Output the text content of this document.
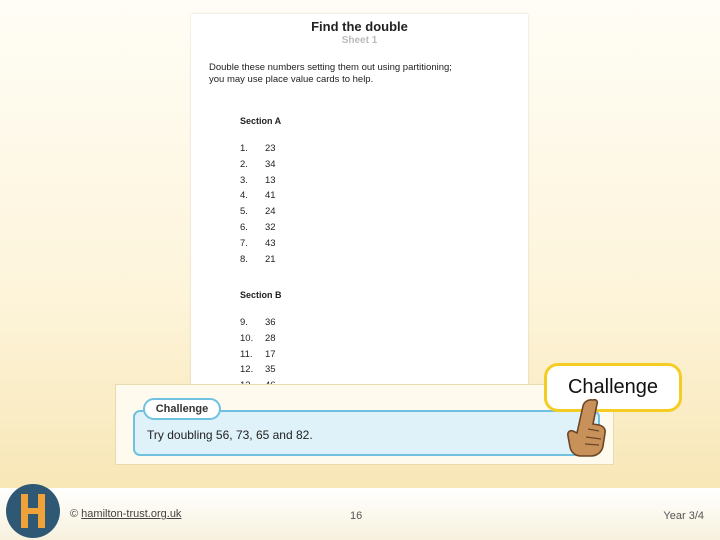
Find the double
Sheet 1
Double these numbers setting them out using partitioning;
you may use place value cards to help.
Section A
1.	23
2.	34
3.	13
4.	41
5.	24
6.	32
7.	43
8.	21
Section B
9.	36
10.	28
11.	17
12.	35
Try doubling 56, 73, 65 and 82.
Challenge
Challenge
© hamilton-trust.org.uk	16	Year 3/4
